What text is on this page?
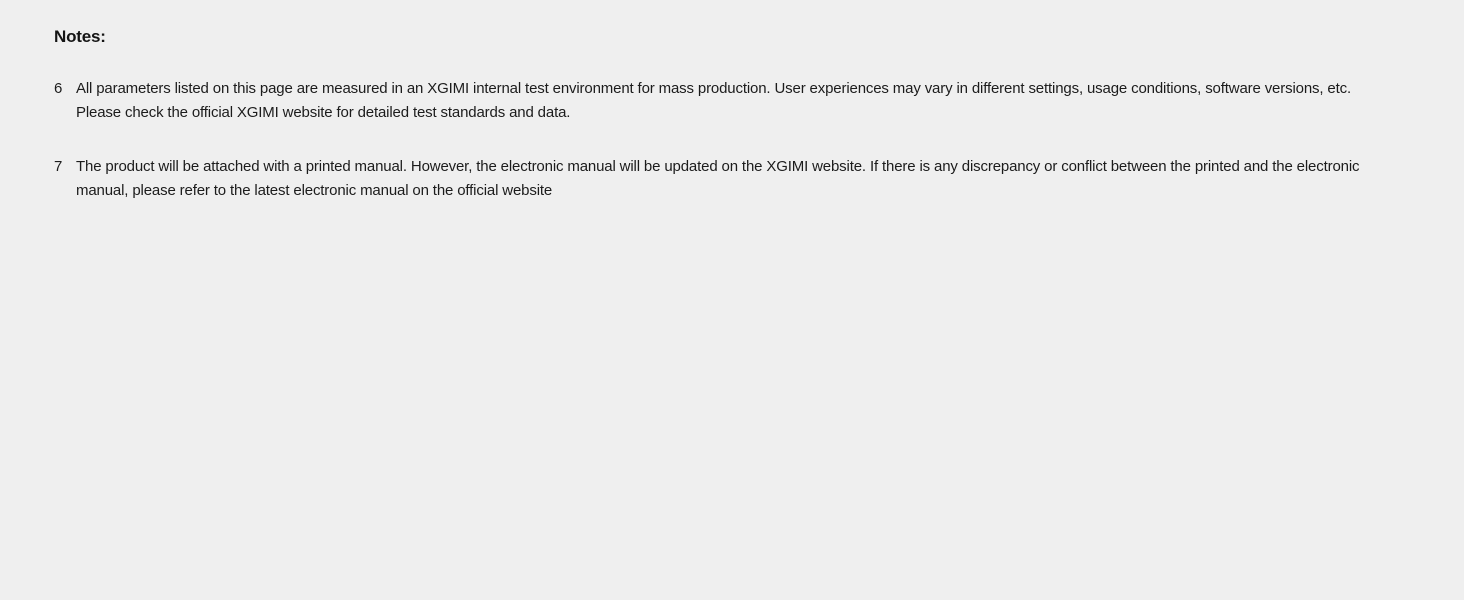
Notes:
6 All parameters listed on this page are measured in an XGIMI internal test environment for mass production. User experiences may vary in different settings, usage conditions, software versions, etc. Please check the official XGIMI website for detailed test standards and data.
7 The product will be attached with a printed manual. However, the electronic manual will be updated on the XGIMI website. If there is any discrepancy or conflict between the printed and the electronic manual, please refer to the latest electronic manual on the official website
